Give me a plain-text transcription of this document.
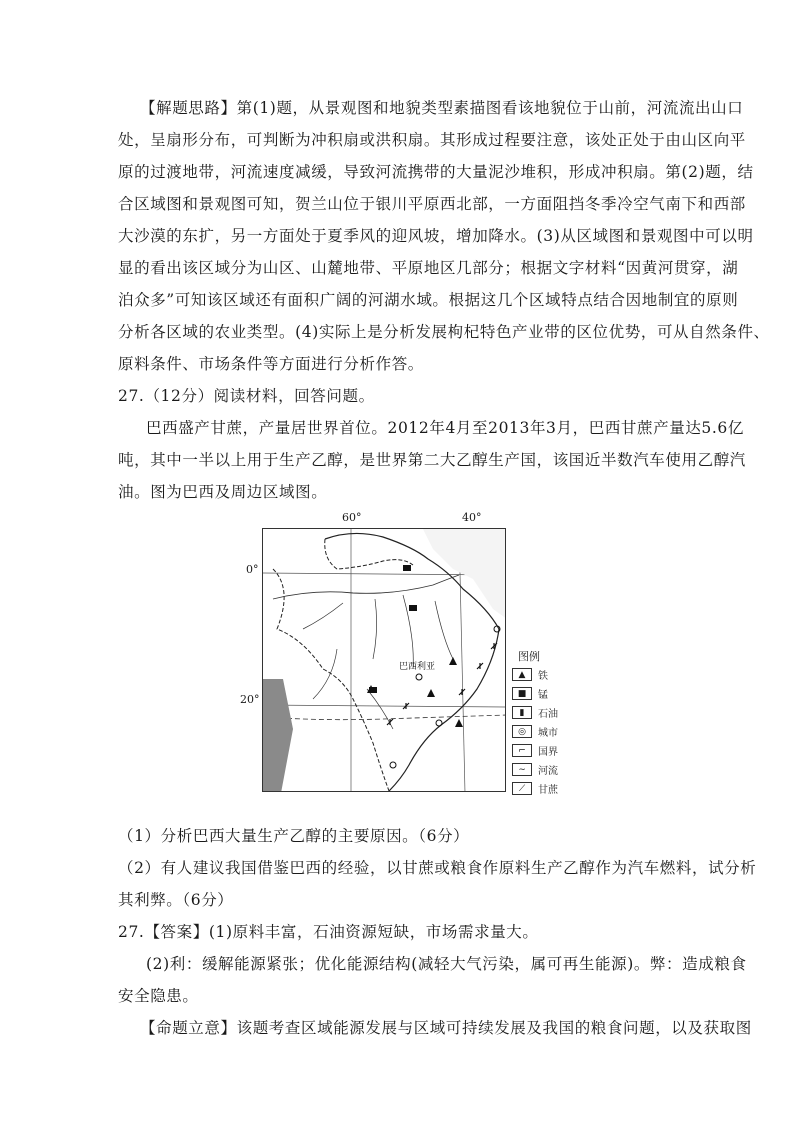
【解题思路】第(1)题，从景观图和地貌类型素描图看该地貌位于山前，河流流出山口
处，呈扇形分布，可判断为冲积扇或洪积扇。其形成过程要注意，该处正处于由山区向平
原的过渡地带，河流速度减缓，导致河流携带的大量泥沙堆积，形成冲积扇。第(2)题，结
合区域图和景观图可知，贺兰山位于银川平原西北部，一方面阻挡冬季冷空气南下和西部
大沙漠的东扩，另一方面处于夏季风的迎风坡，增加降水。(3)从区域图和景观图中可以明
显的看出该区域分为山区、山麓地带、平原地区几部分；根据文字材料“因黄河贯穿，湖
泊众多”可知该区域还有面积广阔的河湖水域。根据这几个区域特点结合因地制宜的原则
分析各区域的农业类型。(4)实际上是分析发展枸杞特色产业带的区位优势，可从自然条件、
原料条件、市场条件等方面进行分析作答。
27.（12分）阅读材料，回答问题。
巴西盛产甘蔗，产量居世界首位。2012年4月至2013年3月，巴西甘蔗产量达5.6亿
吨，其中一半以上用于生产乙醇，是世界第二大乙醇生产国，该国近半数汽车使用乙醇汽
油。图为巴西及周边区域图。
60°	40°
0°
20°
巴西利亚
图例
▲	铁
■	锰
▮	石油
◎	城市
⌐	国界
∼	河流
⟋	甘蔗
（1）分析巴西大量生产乙醇的主要原因。（6分）
（2）有人建议我国借鉴巴西的经验，以甘蔗或粮食作原料生产乙醇作为汽车燃料，试分析
其利弊。（6分）
27.【答案】(1)原料丰富，石油资源短缺，市场需求量大。
(2)利：缓解能源紧张；优化能源结构(减轻大气污染，属可再生能源)。弊：造成粮食
安全隐患。
【命题立意】该题考查区域能源发展与区域可持续发展及我国的粮食问题，以及获取图
